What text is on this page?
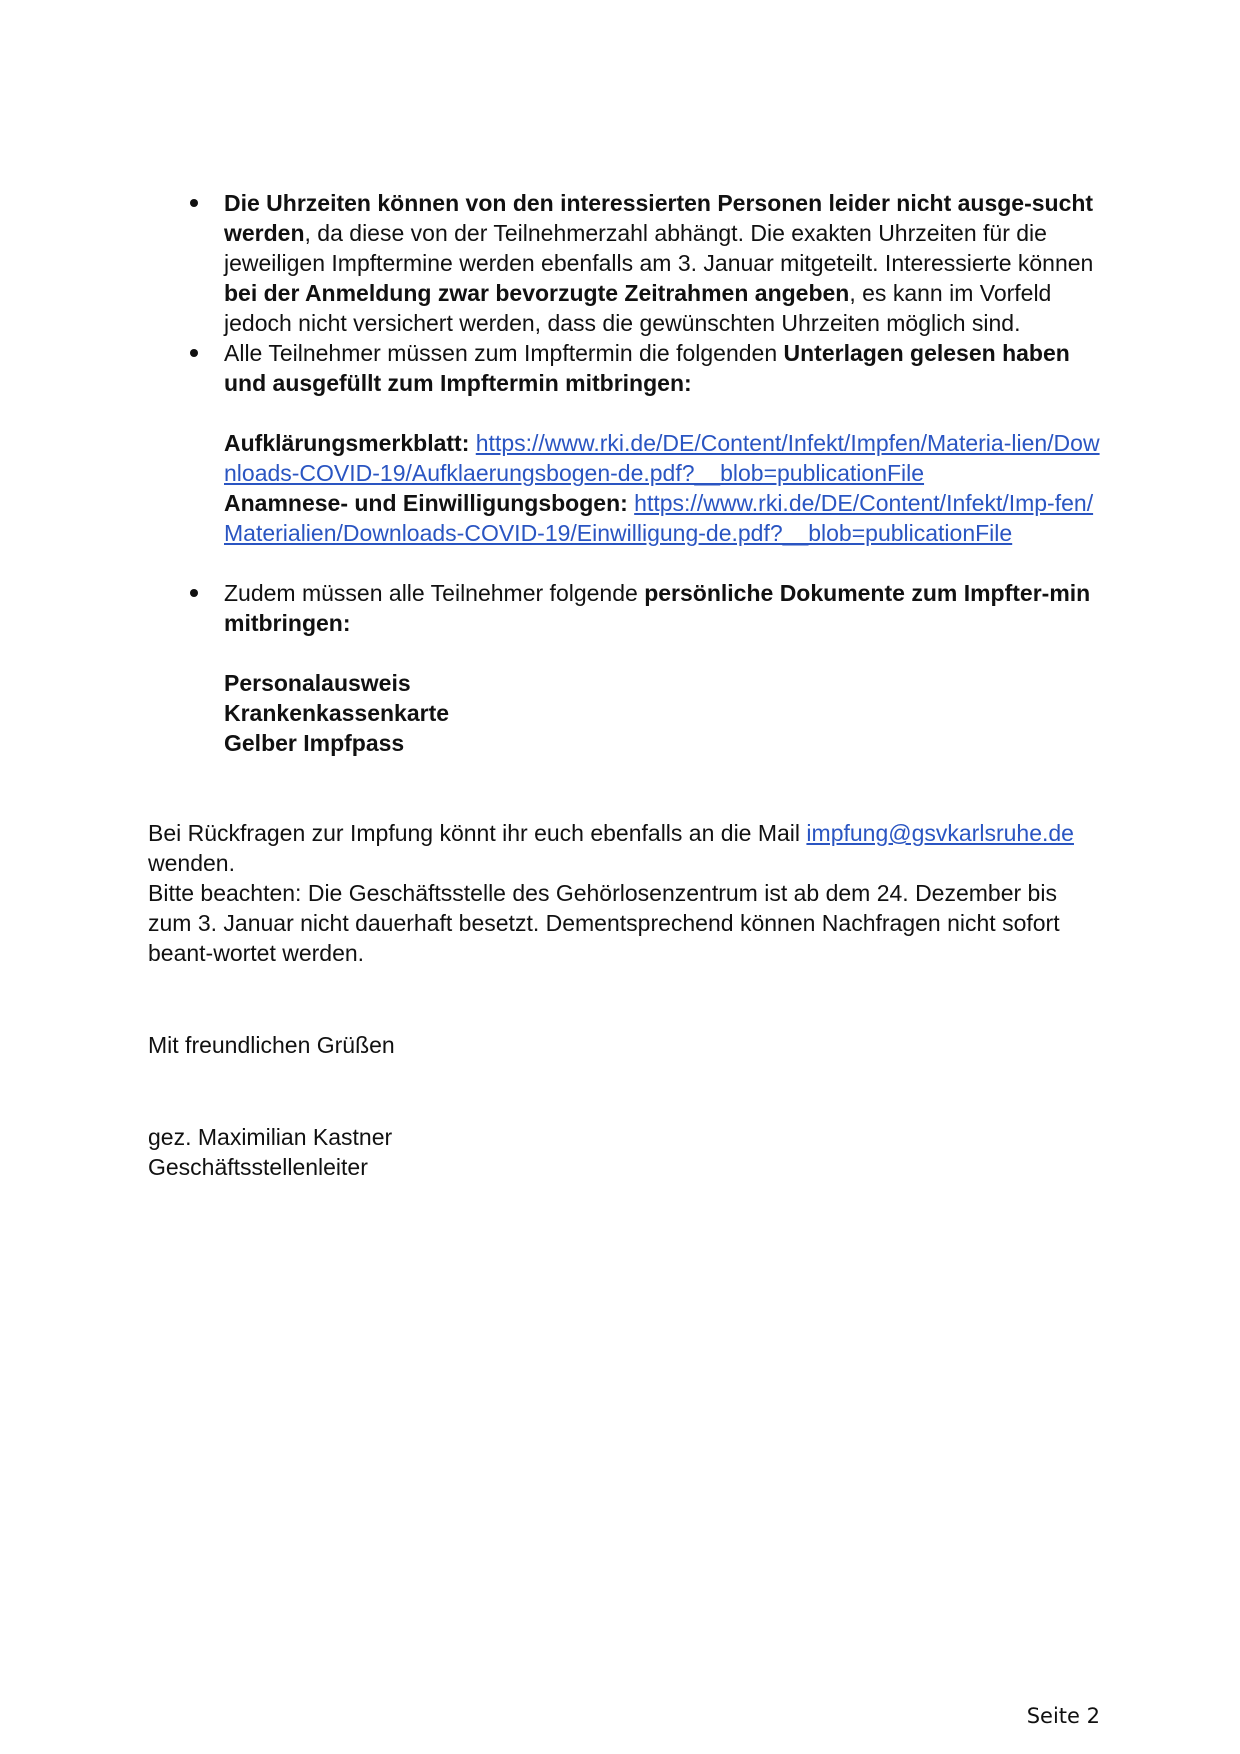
Die Uhrzeiten können von den interessierten Personen leider nicht ausge-sucht werden, da diese von der Teilnehmerzahl abhängt. Die exakten Uhrzeiten für die jeweiligen Impftermine werden ebenfalls am 3. Januar mitgeteilt. Interessierte können bei der Anmeldung zwar bevorzugte Zeitrahmen angeben, es kann im Vorfeld jedoch nicht versichert werden, dass die gewünschten Uhrzeiten möglich sind.
Alle Teilnehmer müssen zum Impftermin die folgenden Unterlagen gelesen haben und ausgefüllt zum Impftermin mitbringen:
Aufklärungsmerkblatt: https://www.rki.de/DE/Content/Infekt/Impfen/Materia-lien/Downloads-COVID-19/Aufklaerungsbogen-de.pdf?__blob=publicationFile
Anamnese- und Einwilligungsbogen: https://www.rki.de/DE/Content/Infekt/Imp-fen/Materialien/Downloads-COVID-19/Einwilligung-de.pdf?__blob=publicationFile
Zudem müssen alle Teilnehmer folgende persönliche Dokumente zum Impfter-min mitbringen:
Personalausweis
Krankenkassenkarte
Gelber Impfpass
Bei Rückfragen zur Impfung könnt ihr euch ebenfalls an die Mail impfung@gsvkarlsruhe.de
wenden.
Bitte beachten: Die Geschäftsstelle des Gehörlosenzentrum ist ab dem 24. Dezember bis zum 3. Januar nicht dauerhaft besetzt. Dementsprechend können Nachfragen nicht sofort beant-wortet werden.

Mit freundlichen Grüßen

gez. Maximilian Kastner
Geschäftsstellenleiter
Seite 2
